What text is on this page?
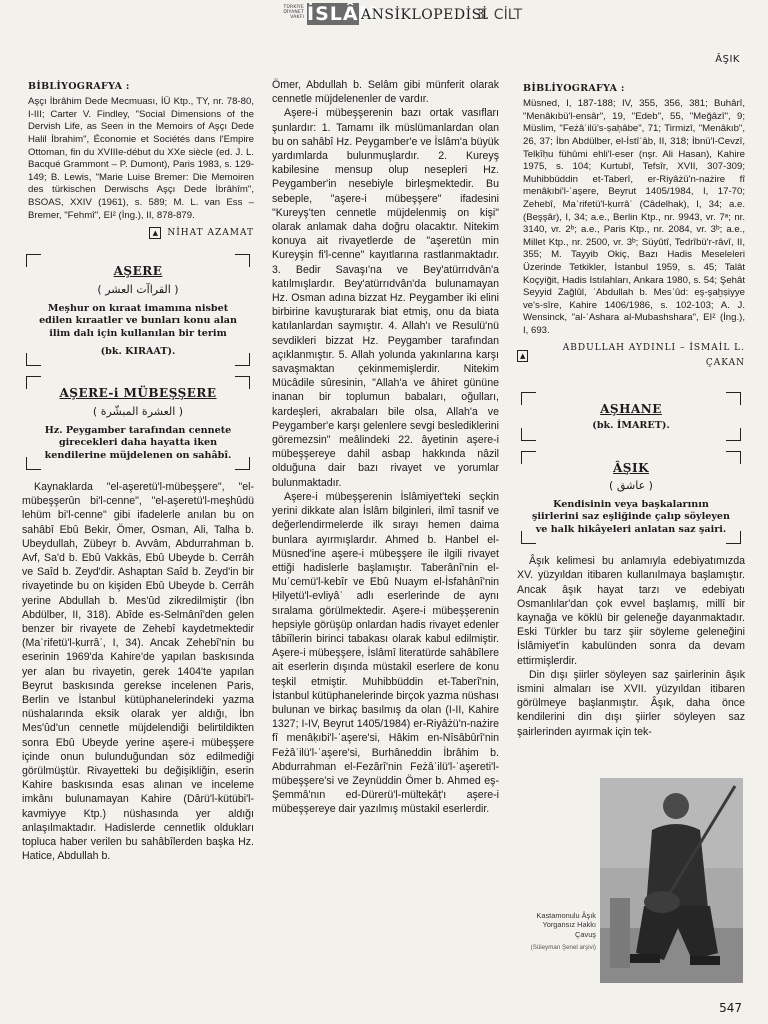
TÜRKİYE
DİYANET
VAKFI İSLÂM
ANSİKLOPEDİSİ
3. CİLT
ÂŞIK
BİBLİYOGRAFYA :

Aşçı İbrâhim Dede Mecmuası, İÜ Ktp., TY, nr. 78-80, I-III; Carter V. Findley, "Social Dimensions of the Dervish Life, as Seen in the Memoirs of Aşçı Dede Halil İbrahim", Économie et Sociétés dans l'Empire Ottoman, fin du XVIIIe-début du XXe siècle (ed. J. L. Bacqué Grammont – P. Dumont), Paris 1983, s. 129-149; B. Lewis, "Marie Luise Bremer: Die Memoiren des türkischen Derwischs Aşçı Dede İbrâhîm", BSOAS, XXIV (1961), s. 589; M. L. van Ess – Bremer, "Fehmî", EI² (İng.), II, 878-879.

▲	NİHAT AZAMAT
AŞERE
( القراآت العشر )
Meşhur on kıraat imamına nisbet edilen kıraatler ve bunları konu alan ilim dalı için kullanılan bir terim
(bk. KIRAAT).
AŞERE-i MÜBEŞŞERE
( العشرة المبشّرة )
Hz. Peygamber tarafından cennete girecekleri daha hayatta iken kendilerine müjdelenen on sahâbî.

Kaynaklarda "el-aşeretü'l-mübeşşere", "el-mübeşşerûn bi'l-cenne", "el-aşeretü'l-meşhûdü lehüm bi'l-cenne" gibi ifadelerle anılan bu on sahâbî Ebû Bekir, Ömer, Osman, Ali, Talha b. Ubeydullah, Zübeyr b. Avvâm, Abdurrahman b. Avf, Sa'd b. Ebû Vakkās, Ebû Ubeyde b. Cerrâh ve Saîd b. Zeyd'dir. Ashaptan Saîd b. Zeyd'in bir rivayetinde bu on kişiden Ebû Ubeyde b. Cerrâh yerine Abdullah b. Mes'ûd zikredilmiştir (İbn Abdülber, II, 318). Abîde es-Selmânî'den gelen benzer bir rivayete de Zehebî kaydetmektedir (Maʿrifetü'l-ḳurrâʾ, I, 34). Ancak Zehebî'nin bu eserinin 1969'da Kahire'de yapılan baskısında yer alan bu rivayetin, gerek 1404'te yapılan Beyrut baskısında gerekse incelenen Paris, Berlin ve İstanbul kütüphanelerindeki yazma nüshalarında eksik olarak yer aldığı, İbn Mes'ûd'un cennetle müjdelendiği belirtildikten sonra Ebû Ubeyde yerine aşere-i mübeşşere içinde onun bulunduğundan söz edilmediği görülmüştür. Rivayetteki bu değişikliğin, eserin Kahire baskısında esas alınan ve inceleme imkânı bulunamayan Kahire (Dârü'l-kütübi'l-kavmiyye Ktp.) nüshasında yer aldığı anlaşılmaktadır. Hadislerde cennetlik oldukları topluca haber verilen bu sahâbîlerden başka Hz. Hatice, Abdullah b.

Ömer, Abdullah b. Selâm gibi münferit olarak cennetle müjdelenenler de vardır.

Aşere-i mübeşşerenin bazı ortak vasıfları şunlardır: 1. Tamamı ilk müslümanlardan olan bu on sahâbî Hz. Peygamber'e ve İslâm'a büyük yardımlarda bulunmuşlardır. 2. Kureyş kabilesine mensup olup nesepleri Hz. Peygamber'in nesebiyle birleşmektedir. Bu sebeple, "aşere-i mübeşşere" ifadesini "Kureyş'ten cennetle müjdelenmiş on kişi" olarak anlamak daha doğru olacaktır. Nitekim konuya ait rivayetlerde de "aşeretün min Kureyşin fi'l-cenne" kayıtlarına rastlanmaktadır. 3. Bedir Savaşı'na ve Bey'atürrıdvân'a katılmışlardır. Bey'atürrıdvân'da bulunamayan Hz. Osman adına bizzat Hz. Peygamber iki elini birbirine kavuşturarak biat etmiş, onu da biata katılanlardan saymıştır. 4. Allah'ı ve Resulü'nü sevdikleri bizzat Hz. Peygamber tarafından açıklanmıştır. 5. Allah yolunda yakınlarına karşı savaşmaktan çekinmemişlerdir. Nitekim Mücâdile sûresinin, "Allah'a ve âhiret gününe inanan bir toplumun babaları, oğulları, kardeşleri, akrabaları bile olsa, Allah'a ve Peygamber'e karşı gelenlere sevgi beslediklerini göremezsin" meâlindeki 22. âyetinin aşere-i mübeşşereye dahil asbap hakkında nâzil olduğuna dair bazı rivayet ve yorumlar bulunmaktadır.

Aşere-i mübeşşerenin İslâmiyet'teki seçkin yerini dikkate alan İslâm bilginleri, ilmî tasnif ve değerlendirmelerde ilk sırayı hemen daima bunlara ayırmışlardır. Ahmed b. Hanbel el-Müsned'ine aşere-i mübeşşere ile ilgili rivayet ettiği hadislerle başlamıştır. Taberânî'nin el-Muʿcemü'l-kebîr ve Ebû Nuaym el-İsfahânî'nin Ḥilyetü'l-evliyâʾ adlı eserlerinde de aynı sıralama görülmektedir. Aşere-i mübeşşerenin hepsiyle görüşüp onlardan hadis rivayet edenler tâbiîlerin birinci tabakası olarak kabul edilmiştir. Aşere-i mübeşşere, İslâmî literatürde sahâbîlere ait eserlerin dışında müstakil eserlere de konu teşkil etmiştir. Muhibbüddin et-Taberî'nin, İstanbul kütüphanelerinde birçok yazma nüshası bulunan ve birkaç basılmış da olan (I-II, Kahire 1327; I-IV, Beyrut 1405/1984) er-Riyâżü'n-nażire fî menâḳıbi'l-ʿaşere'si, Hâkim en-Nîsâbûrî'nin Feżâʾilü'l-ʿaşere'si, Burhâneddin İbrâhim b. Abdurrahman el-Fezârî'nin Feżâʾilü'l-ʿaşereti'l-mübeşşere'si ve Zeynüddin Ömer b. Ahmed eş-Şemmâ'nın ed-Dürerü'l-mülteḳāṭ'ı aşere-i mübeşşereye dair yazılmış müstakil eserlerdir.

BİBLİYOGRAFYA :

Müsned, I, 187-188; IV, 355, 356, 381; Buhârî, "Menâkıbü'l-ensâr", 19, "Edeb", 55, "Meğâzî", 9; Müslim, "Feżâʾilü's-ṣaḥâbe", 71; Tirmizî, "Menâkıb", 26, 37; İbn Abdülber, el-İstîʿâb, II, 318; İbnü'l-Cevzî, Telḳīḥu fühûmi ehli'l-eser (nşr. Ali Hasan), Kahire 1975, s. 104; Kurtubî, Tefsîr, XVII, 307-309; Muhibbüddin et-Taberî, er-Riyâżü'n-nażire fî menâḳıbi'l-ʿaşere, Beyrut 1405/1984, I, 17-70; Zehebî, Maʿrifetü'l-ḳurrâʾ (Câdelhak), I, 34; a.e. (Beşşâr), I, 34; a.e., Berlin Ktp., nr. 9943, vr. 7ᵃ; nr. 3140, vr. 2ᵇ; a.e., Paris Ktp., nr. 2084, vr. 3ᵇ; a.e., Millet Ktp., nr. 2500, vr. 3ᵇ; Süyûtî, Tedrîbü'r-râvî, II, 355; M. Tayyib Okiç, Bazı Hadis Meseleleri Üzerinde Tetkikler, İstanbul 1959, s. 45; Talât Koçyiğit, Hadis Istılahları, Ankara 1980, s. 54; Şehât Seyyid Zağlûl, ʿAbdullah b. Mesʿûd: eş-şaḫṣiyye ve's-sîre, Kahire 1406/1986, s. 102-103; A. J. Wensinck, "al-ʿAshara al-Mubashshara", EI² (İng.), I, 693.

▲
ABDULLAH AYDINLI – İSMAİL L. ÇAKAN
AŞHANE
(bk. İMARET).
ÂŞIK
( عاشق )
Kendisinin veya başkalarının şiirlerini saz eşliğinde çalıp söyleyen ve halk hikâyeleri anlatan saz şairi.

Âşık kelimesi bu anlamıyla edebiyatımızda XV. yüzyıldan itibaren kullanılmaya başlamıştır. Ancak âşık hayat tarzı ve edebiyatı Osmanlılar'dan çok evvel başlamış, millî bir kaynağa ve köklü bir geleneğe dayanmaktadır. Eski Türkler bu tarz şiir söyleme geleneğini İslâmiyet'in kabulünden sonra da devam ettirmişlerdir.

Din dışı şiirler söyleyen saz şairlerinin âşık ismini almaları ise XVII. yüzyıldan itibaren görülmeye başlanmıştır. Âşık, daha önce kendilerini din dışı şiirler söyleyen saz şairlerinden ayırmak için tek-

Kastamonulu Âşık Yorgansız Hakkı Çavuş
(Süleyman Şenel arşivi)
547
